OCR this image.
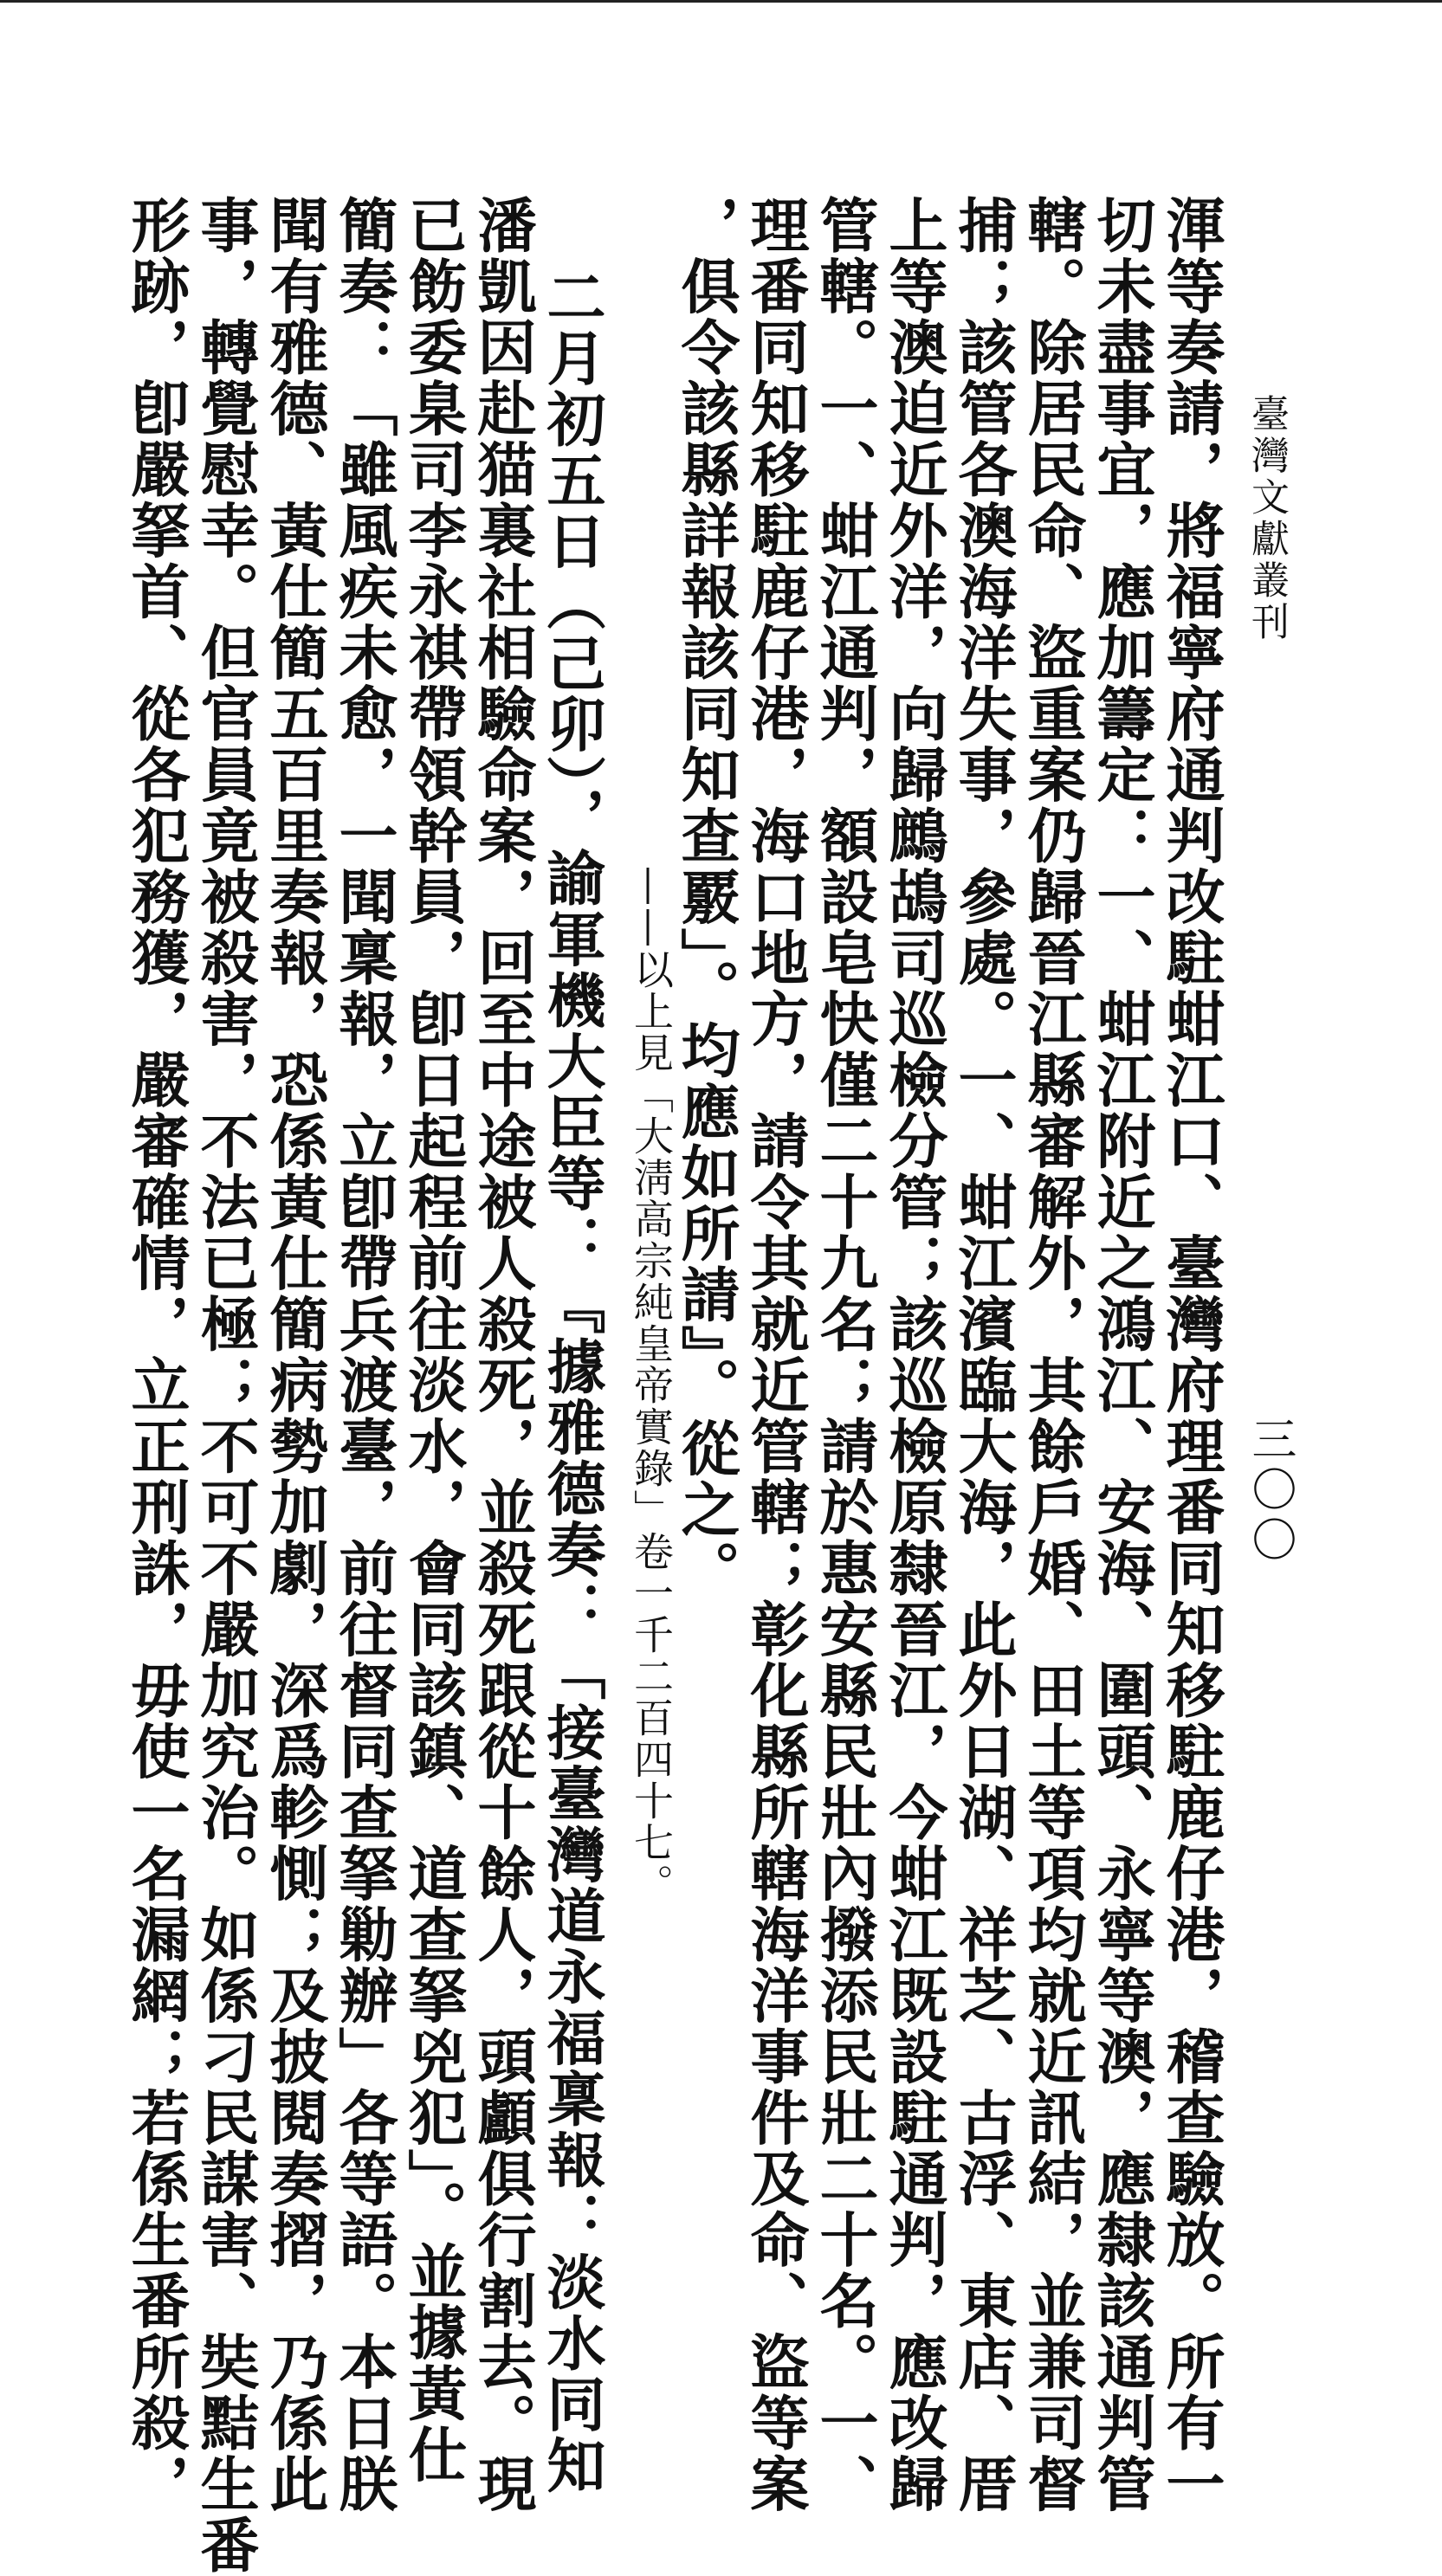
臺灣文獻叢刊
三〇〇
渾等奏請，將福寧府通判改駐蚶江口、臺灣府理番同知移駐鹿仔港，稽查驗放。所有一
切未盡事宜，應加籌定：一、蚶江附近之鴻江、安海、圍頭、永寧等澳，應隸該通判管
轄。除居民命、盜重案仍歸晉江縣審解外，其餘戶婚、田土等項均就近訊結，並兼司督
捕；該管各澳海洋失事，參處。一、蚶江濱臨大海，此外日湖、祥芝、古浮、東店、厝
上等澳迫近外洋，向歸鷓鴣司巡檢分管；該巡檢原隸晉江，今蚶江既設駐通判，應改歸
管轄。一、蚶江通判，額設皂快僅二十九名；請於惠安縣民壯內撥添民壯二十名。一、
理番同知移駐鹿仔港，海口地方，請令其就近管轄；彰化縣所轄海洋事件及命、盜等案
，俱令該縣詳報該同知查覈」。均應如所請』。從之。
——以上見「大淸高宗純皇帝實錄」卷一千二百四十七。
二月初五日（己卯），諭軍機大臣等：『據雅德奏：「接臺灣道永福稟報：淡水同知
潘凱因赴猫裏社相驗命案，回至中途被人殺死，並殺死跟從十餘人，頭顱俱行割去。現
已飭委臬司李永祺帶領幹員，卽日起程前往淡水，會同該鎮、道查拏兇犯」。並據黃仕
簡奏：「雖風疾未愈，一聞稟報，立卽帶兵渡臺，前往督同查拏勦辦」各等語。本日朕
聞有雅德、黃仕簡五百里奏報，恐係黃仕簡病勢加劇，深爲軫惻；及披閱奏摺，乃係此
事，轉覺慰幸。但官員竟被殺害，不法已極；不可不嚴加究治。如係刁民謀害、奘黠生番
形跡，卽嚴拏首、從各犯務獲，嚴審確情，立正刑誅，毋使一名漏網；若係生番所殺，
